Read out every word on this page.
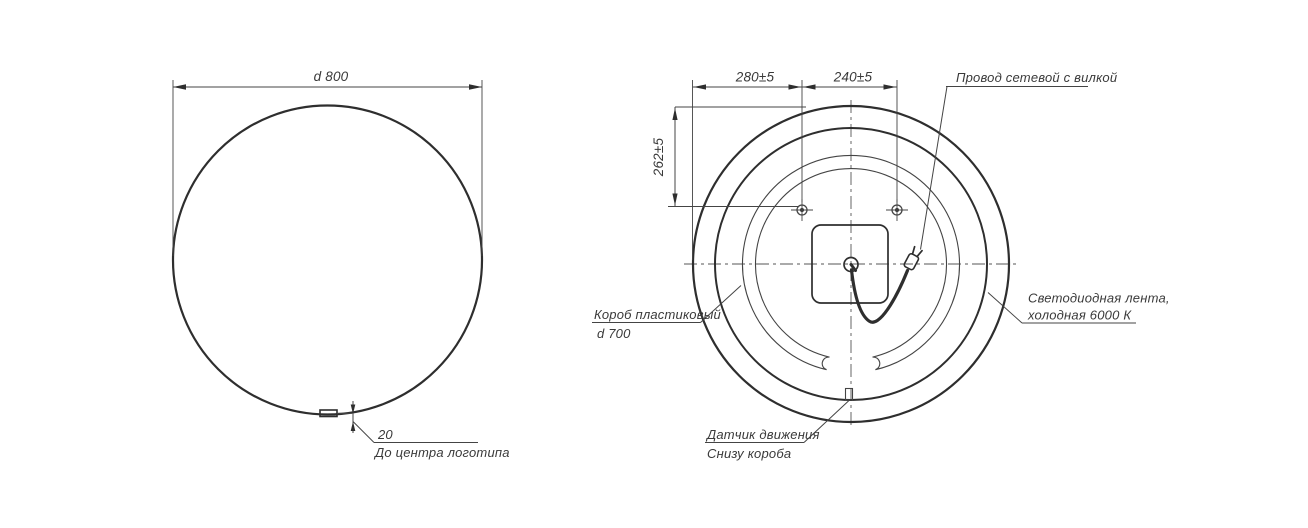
d 800
20
До центра логотипа
280±5	240±5
262±5
Провод сетевой с вилкой
Короб пластиковый
d 700
Светодиодная лента,
холодная 6000 К
Датчик движения
Снизу короба
